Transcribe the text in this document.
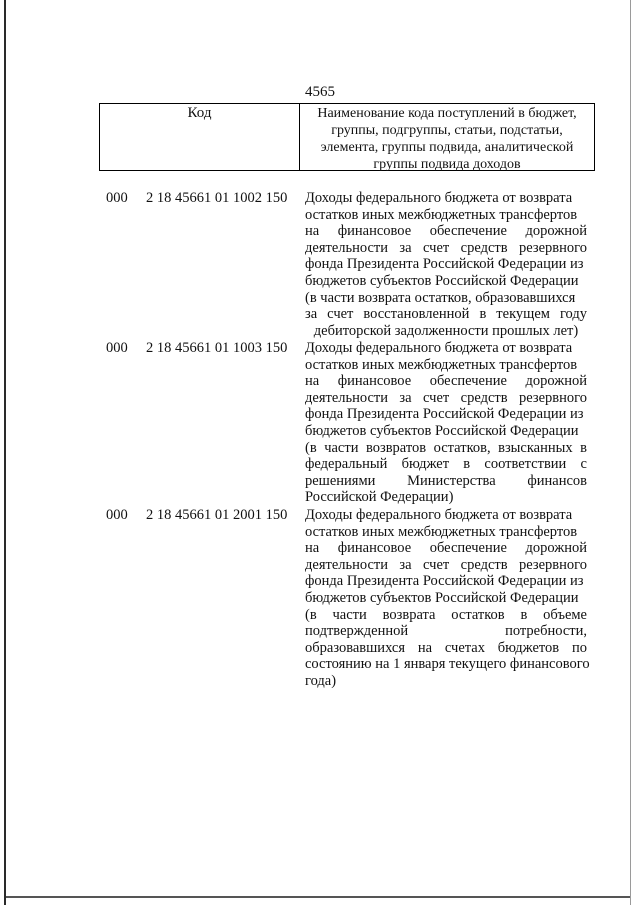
4565
Код	Наименование кода поступлений в бюджет,
группы, подгруппы, статьи, подстатьи,
элемента, группы подвида, аналитической
группы подвида доходов
000 2 18 45661 01 1002 150 Доходы федерального бюджета от возврата
остатков иных межбюджетных трансфертов
на финансовое обеспечение дорожной
деятельности за счет средств резервного
фонда Президента Российской Федерации из
бюджетов субъектов Российской Федерации
(в части возврата остатков, образовавшихся
за счет восстановленной в текущем году
дебиторской задолженности прошлых лет)
000 2 18 45661 01 1003 150 Доходы федерального бюджета от возврата
остатков иных межбюджетных трансфертов
на финансовое обеспечение дорожной
деятельности за счет средств резервного
фонда Президента Российской Федерации из
бюджетов субъектов Российской Федерации
(в части возвратов остатков, взысканных в
федеральный бюджет в соответствии с
решениями Министерства финансов
Российской Федерации)
000 2 18 45661 01 2001 150 Доходы федерального бюджета от возврата
остатков иных межбюджетных трансфертов
на финансовое обеспечение дорожной
деятельности за счет средств резервного
фонда Президента Российской Федерации из
бюджетов субъектов Российской Федерации
(в части возврата остатков в объеме
подтвержденной потребности,
образовавшихся на счетах бюджетов по
состоянию на 1 января текущего финансового
года)
